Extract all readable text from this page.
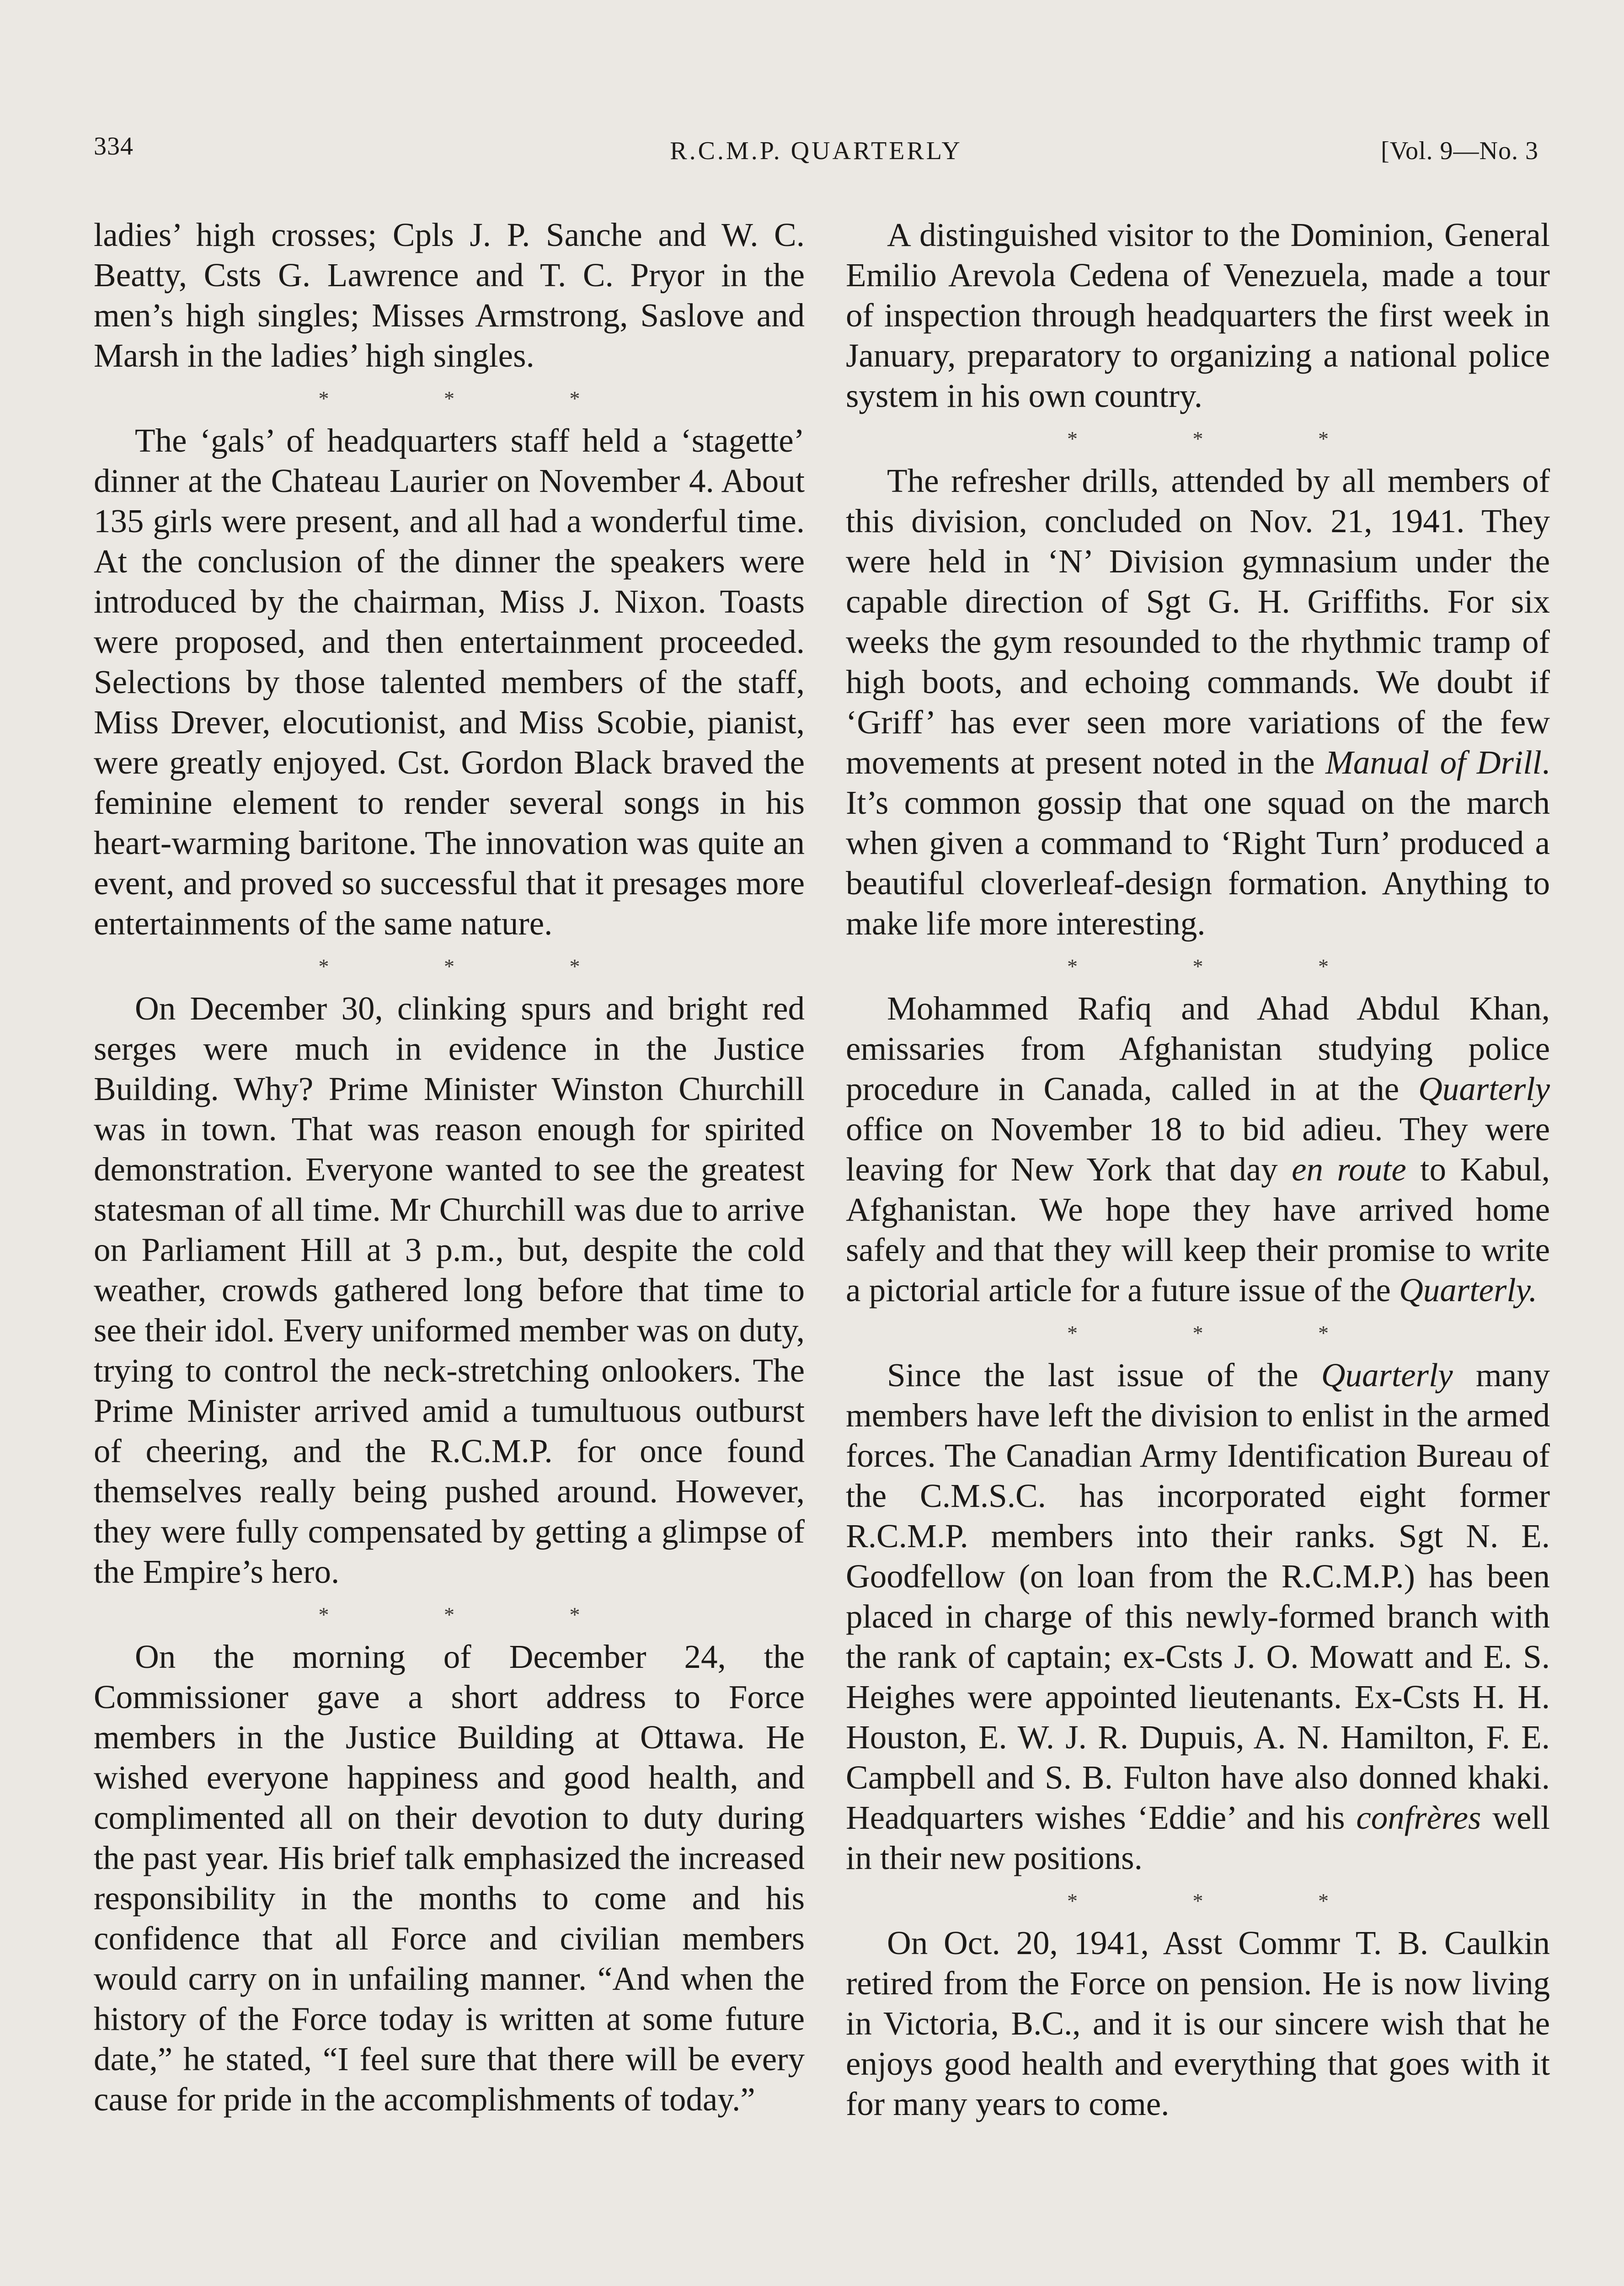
334	R.C.M.P. QUARTERLY	[Vol. 9—No. 3

ladies’ high crosses; Cpls J. P. Sanche and W. C. Beatty, Csts G. Lawrence and T. C. Pryor in the men’s high singles; Misses Armstrong, Saslove and Marsh in the ladies’ high singles.

* * *

The ‘gals’ of headquarters staff held a ‘stagette’ dinner at the Chateau Laurier on November 4. About 135 girls were present, and all had a wonderful time. At the conclusion of the dinner the speakers were introduced by the chairman, Miss J. Nixon. Toasts were proposed, and then entertainment proceeded. Selections by those talented members of the staff, Miss Drever, elocutionist, and Miss Scobie, pianist, were greatly enjoyed. Cst. Gordon Black braved the feminine element to render several songs in his heart-warming baritone. The innovation was quite an event, and proved so successful that it presages more entertainments of the same nature.

* * *

On December 30, clinking spurs and bright red serges were much in evidence in the Justice Building. Why? Prime Minister Winston Churchill was in town. That was reason enough for spirited demonstration. Everyone wanted to see the greatest statesman of all time. Mr Churchill was due to arrive on Parliament Hill at 3 p.m., but, despite the cold weather, crowds gathered long before that time to see their idol. Every uniformed member was on duty, trying to control the neck-stretching onlookers. The Prime Minister arrived amid a tumultuous outburst of cheering, and the R.C.M.P. for once found themselves really being pushed around. However, they were fully compensated by getting a glimpse of the Empire’s hero.

* * *

On the morning of December 24, the Commissioner gave a short address to Force members in the Justice Building at Ottawa. He wished everyone happiness and good health, and complimented all on their devotion to duty during the past year. His brief talk emphasized the increased responsibility in the months to come and his confidence that all Force and civilian members would carry on in unfailing manner. “And when the history of the Force today is written at some future date,” he stated, “I feel sure that there will be every cause for pride in the accomplishments of today.”

A distinguished visitor to the Dominion, General Emilio Arevola Cedena of Venezuela, made a tour of inspection through headquarters the first week in January, preparatory to organizing a national police system in his own country.

* * *

The refresher drills, attended by all members of this division, concluded on Nov. 21, 1941. They were held in ‘N’ Division gymnasium under the capable direction of Sgt G. H. Griffiths. For six weeks the gym resounded to the rhythmic tramp of high boots, and echoing commands. We doubt if ‘Griff’ has ever seen more variations of the few movements at present noted in the Manual of Drill. It’s common gossip that one squad on the march when given a command to ‘Right Turn’ produced a beautiful cloverleaf-design formation. Anything to make life more interesting.

* * *

Mohammed Rafiq and Ahad Abdul Khan, emissaries from Afghanistan studying police procedure in Canada, called in at the Quarterly office on November 18 to bid adieu. They were leaving for New York that day en route to Kabul, Afghanistan. We hope they have arrived home safely and that they will keep their promise to write a pictorial article for a future issue of the Quarterly.

* * *

Since the last issue of the Quarterly many members have left the division to enlist in the armed forces. The Canadian Army Identification Bureau of the C.M.S.C. has incorporated eight former R.C.M.P. members into their ranks. Sgt N. E. Goodfellow (on loan from the R.C.M.P.) has been placed in charge of this newly-formed branch with the rank of captain; ex-Csts J. O. Mowatt and E. S. Heighes were appointed lieutenants. Ex-Csts H. H. Houston, E. W. J. R. Dupuis, A. N. Hamilton, F. E. Campbell and S. B. Fulton have also donned khaki. Headquarters wishes ‘Eddie’ and his confrères well in their new positions.

* * *

On Oct. 20, 1941, Asst Commr T. B. Caulkin retired from the Force on pension. He is now living in Victoria, B.C., and it is our sincere wish that he enjoys good health and everything that goes with it for many years to come.
